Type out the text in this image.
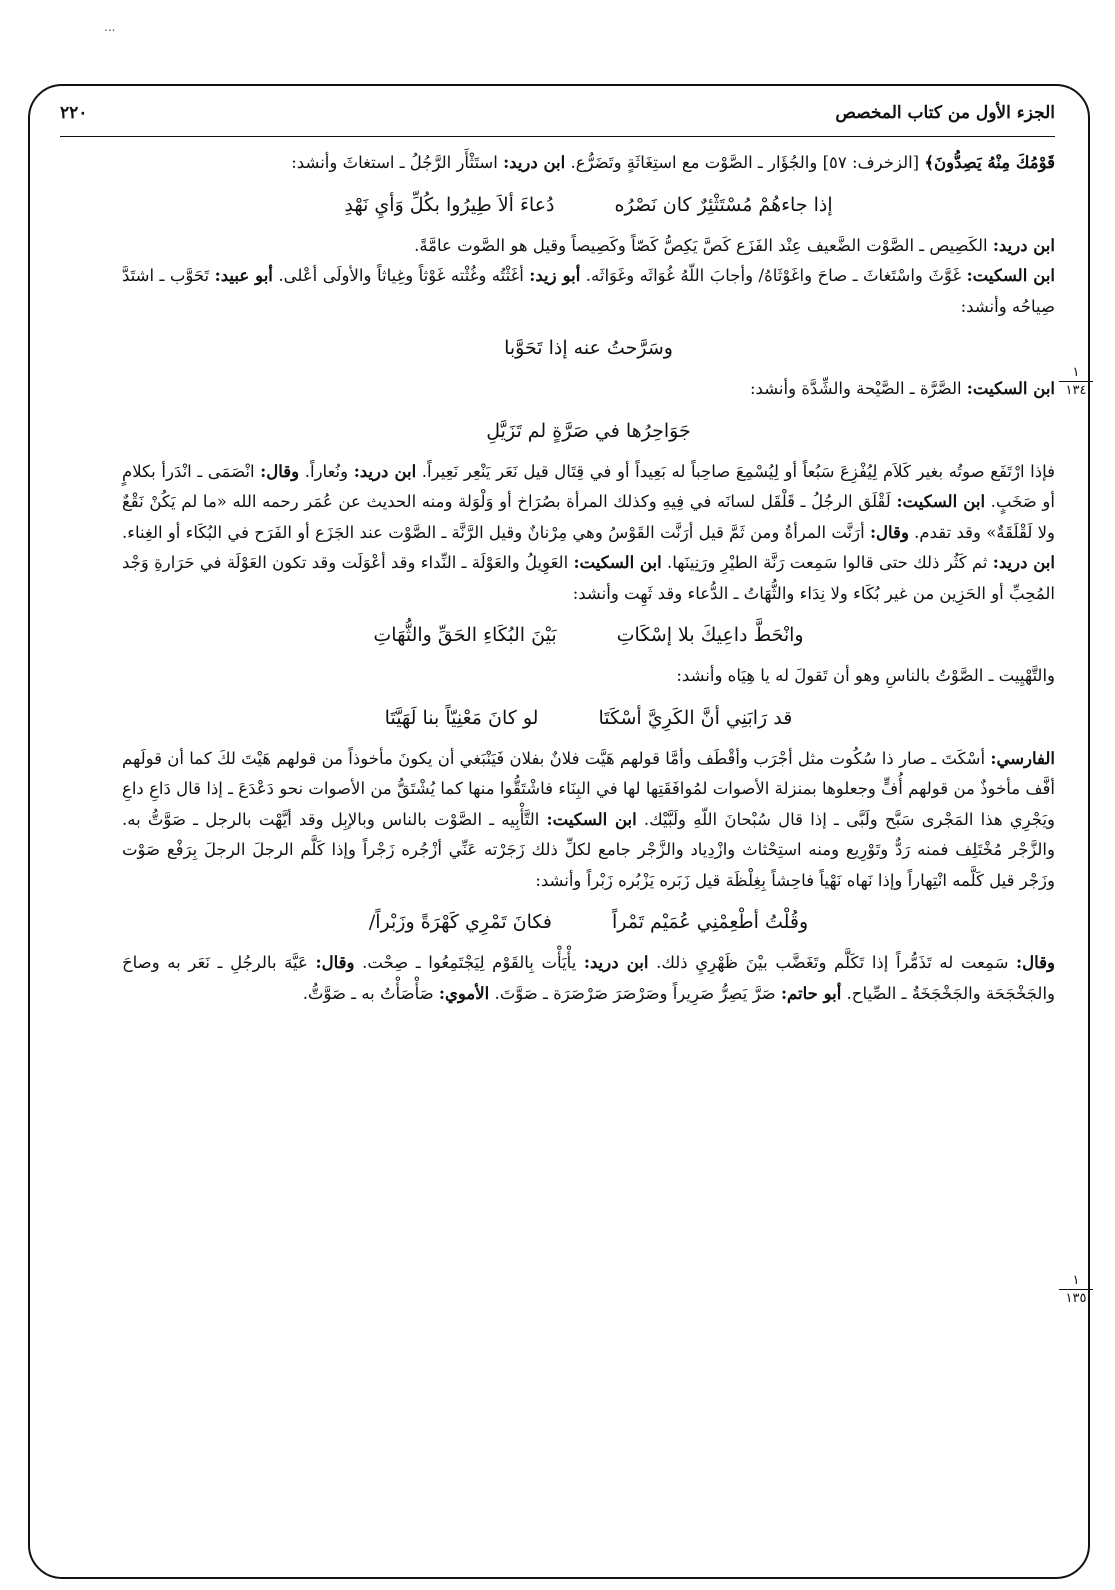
...
الجزء الأول من كتاب المخصص
٢٢٠
١
١٣٤
١
١٣٥

قَوْمُكَ مِنْهُ يَصِدُّونَ﴾ [الزخرف: ٥٧] والجُؤَار ـ الصَّوْت مع استِغَاثَةٍ وتَضَرُّع. ابن دريد: استَثْأَر الرَّجُلُ ـ استغاثَ وأنشد:

إذا جاءهُمْ مُسْتَثْئِرٌ كان نَصْرُه
دُعاءَ ألاَ طِيرُوا بكُلِّ وَأيِ نَهْدِ

ابن دريد: الكَصِيص ـ الصَّوْت الضَّعيف عِنْد الفَزَع كَصَّ يَكِصُّ كَصّاً وكَصِيصاً وقيل هو الصَّوت عامَّةً.

ابن السكيت: غَوَّثَ واسْتَغاثَ ـ صاحَ واغَوْثَاهُ/ وأجابَ اللّهُ غُوَاثَه وغَوَاثَه. أبو زيد: أغَثْتُه وغُثْته غَوْثاً وغِياثاً والأولَى أعْلى. أبو عبيد: تَحَوَّب ـ اشتَدَّ صِياحُه وأنشد:

وسَرَّحتُ عنه إذا تَحَوَّبا

ابن السكيت: الصَّرَّة ـ الصَّيْحة والشِّدَّة وأنشد:

جَوَاحِرُها في صَرَّةٍ لم تَزَيَّلِ

فإذا ارْتَفَع صوتُه بغير كَلاَم لِيُفْزِعَ سَبُعاً أو لِيُسْمِعَ صاحِباً له بَعِيداً أو في قِتَال قيل نَعَر يَنْعِر نَعِيراً. ابن دريد: ونُعاراً. وقال: انْصَمَى ـ انْدَرأ بكلامٍ أو صَخَبٍ. ابن السكيت: لَقْلَق الرجُلُ ـ قَلْقَل لسانَه في فِيهِ وكذلك المرأة بصُرَاخ أو وَلْوَلة ومنه الحديث عن عُمَر رحمه الله «ما لم يَكُنْ نَقْعٌ ولا لَقْلَقَةٌ» وقد تقدم. وقال: أرَنَّت المرأةُ ومن ثَمَّ قيل أرَنَّت القَوْسُ وهي مِرْنانٌ وقيل الرَّنَّة ـ الصَّوْت عند الجَزَع أو الفَرَح في البُكَاء أو الغِناء. ابن دريد: ثم كَثُر ذلك حتى قالوا سَمِعت رَنَّة الطيْرِ ورَنِينَها. ابن السكيت: العَوِيلُ والعَوْلَة ـ النِّداء وقد أعْوَلَت وقد تكون العَوْلَة في حَرَارةِ وَجْد المُحِبِّ أو الحَزِين من غير بُكَاء ولا نِدَاء والثُّهَاتُ ـ الدُّعاء وقد ثَهِت وأنشد:

وانْحَطَّ داعِيكَ بلا إسْكَاتِ
بَيْنَ البُكَاءِ الحَقِّ والثُّهَاتِ

والتَّهْيِيت ـ الصَّوْتُ بالناسِ وهو أن تَقولَ له يا هِيَاه وأنشد:

قد رَابَنِي أنَّ الكَرِيَّ أسْكَتَا
لو كانَ مَعْنِيّاً بنا لَهَيَّتَا

الفارسي: أسْكَتَ ـ صار ذا سُكُوت مثل أجْرَب وأقْطَف وأمَّا قولهم هَيَّت فلانٌ بفلان فَيَنْبَغي أن يكونَ مأخوذاً من قولهم هَيْتَ لكَ كما أن قولَهم أفَّف مأخوذٌ من قولهم أُفٍّ وجعلوها بمنزلة الأصوات لمُوافَقَتِها لها في البِنَاء فاشْتَقُّوا منها كما يُشْتَقُّ من الأصوات نحو دَعْدَعَ ـ إذا قال دَاعِ داعِ ويَجْرِي هذا المَجْرى سَبَّح ولَبَّى ـ إذا قال سُبْحانَ اللّهِ ولَبَّيْك. ابن السكيت: التَّأْبِيه ـ الصَّوْت بالناس وبالإبِل وقد أيَّهْت بالرجل ـ صَوَّتُّ به. والزَّجْر مُخْتَلِف فمنه رَدٌّ وتَوْرِيع ومنه استِحْثاث وازْدِياد والزَّجْر جامع لكلِّ ذلك زَجَرْته عَنِّي أزْجُره زَجْراً وإذا كَلَّم الرجلَ الرجلَ بِرَفْع صَوْت وزَجْر قيل كَلَّمه انْتِهاراً وإذا نَهاه نَهْياً فاحِشاً بِغِلْظَة قيل زَبَره يَزْبُره زَبْراً وأنشد:

وقُلْتُ أطْعِمْنِي عُمَيْم تَمْراً
فكانَ تَمْرِي كَهْرَةً وزَبْراً/

وقال: سَمِعت له تَذَمُّراً إذا تَكَلَّم وتَغَضَّب بيْنَ ظَهْرِيِ ذلك. ابن دريد: يأْيَأْت بِالقَوْم لِيَجْتَمِعُوا ـ صِحْت. وقال: عَيَّهَ بالرجُلِ ـ نَعَر به وصاحَ والجَخْجَحَة والجَخْجَخَةُ ـ الصِّياح. أبو حاتم: صَرَّ يَصِرُّ صَرِيراً وصَرْصَرَ صَرْصَرَة ـ صَوَّتَ. الأموي: صَأْصَأْتُ به ـ صَوَّتُّ.
